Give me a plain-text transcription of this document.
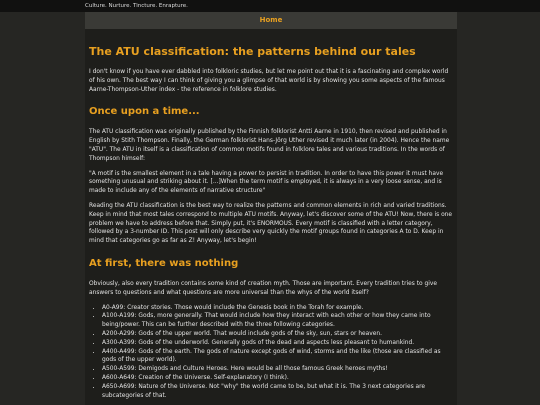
Culture. Nurture. Tincture. Enrapture.
Home
The ATU classification: the patterns behind our tales

I don't know if you have ever dabbled into folkloric studies, but let me point out that it is a fascinating and complex world of his own. The best way I can think of giving you a glimpse of that world is by showing you some aspects of the famous Aarne-Thompson-Uther index - the reference in folklore studies.

Once upon a time...

The ATU classification was originally published by the Finnish folklorist Antti Aarne in 1910, then revised and published in English by Stith Thompson. Finally, the German folklorist Hans-Jörg Uther revised it much later (in 2004). Hence the name "ATU". The ATU in itself is a classification of common motifs found in folklore tales and various traditions. In the words of Thompson himself:

"A motif is the smallest element in a tale having a power to persist in tradition. In order to have this power it must have something unusual and striking about it. [...]When the term motif is employed, it is always in a very loose sense, and is made to include any of the elements of narrative structure"

Reading the ATU classification is the best way to realize the patterns and common elements in rich and varied traditions. Keep in mind that most tales correspond to multiple ATU motifs. Anyway, let's discover some of the ATU! Now, there is one problem we have to address before that. Simply put, it's ENORMOUS. Every motif is classified with a letter category, followed by a 3-number ID. This post will only describe very quickly the motif groups found in categories A to D. Keep in mind that categories go as far as Z! Anyway, let's begin!

At first, there was nothing

Obviously, also every tradition contains some kind of creation myth. Those are important. Every tradition tries to give answers to questions and what questions are more universal than the whys of the world itself?

• A0-A99: Creator stories. Those would include the Genesis book in the Torah for example.
• A100-A199: Gods, more generally. That would include how they interact with each other or how they came into being/power. This can be further described with the three following categories.
• A200-A299: Gods of the upper world. That would include gods of the sky, sun, stars or heaven.
• A300-A399: Gods of the underworld. Generally gods of the dead and aspects less pleasant to humankind.
• A400-A499: Gods of the earth. The gods of nature except gods of wind, storms and the like (those are classified as gods of the upper world).
• A500-A599: Demigods and Culture Heroes. Here would be all those famous Greek heroes myths!
• A600-A649: Creation of the Universe. Self-explanatory (I think).
• A650-A699: Nature of the Universe. Not "why" the world came to be, but what it is. The 3 next categories are subcategories of that.
